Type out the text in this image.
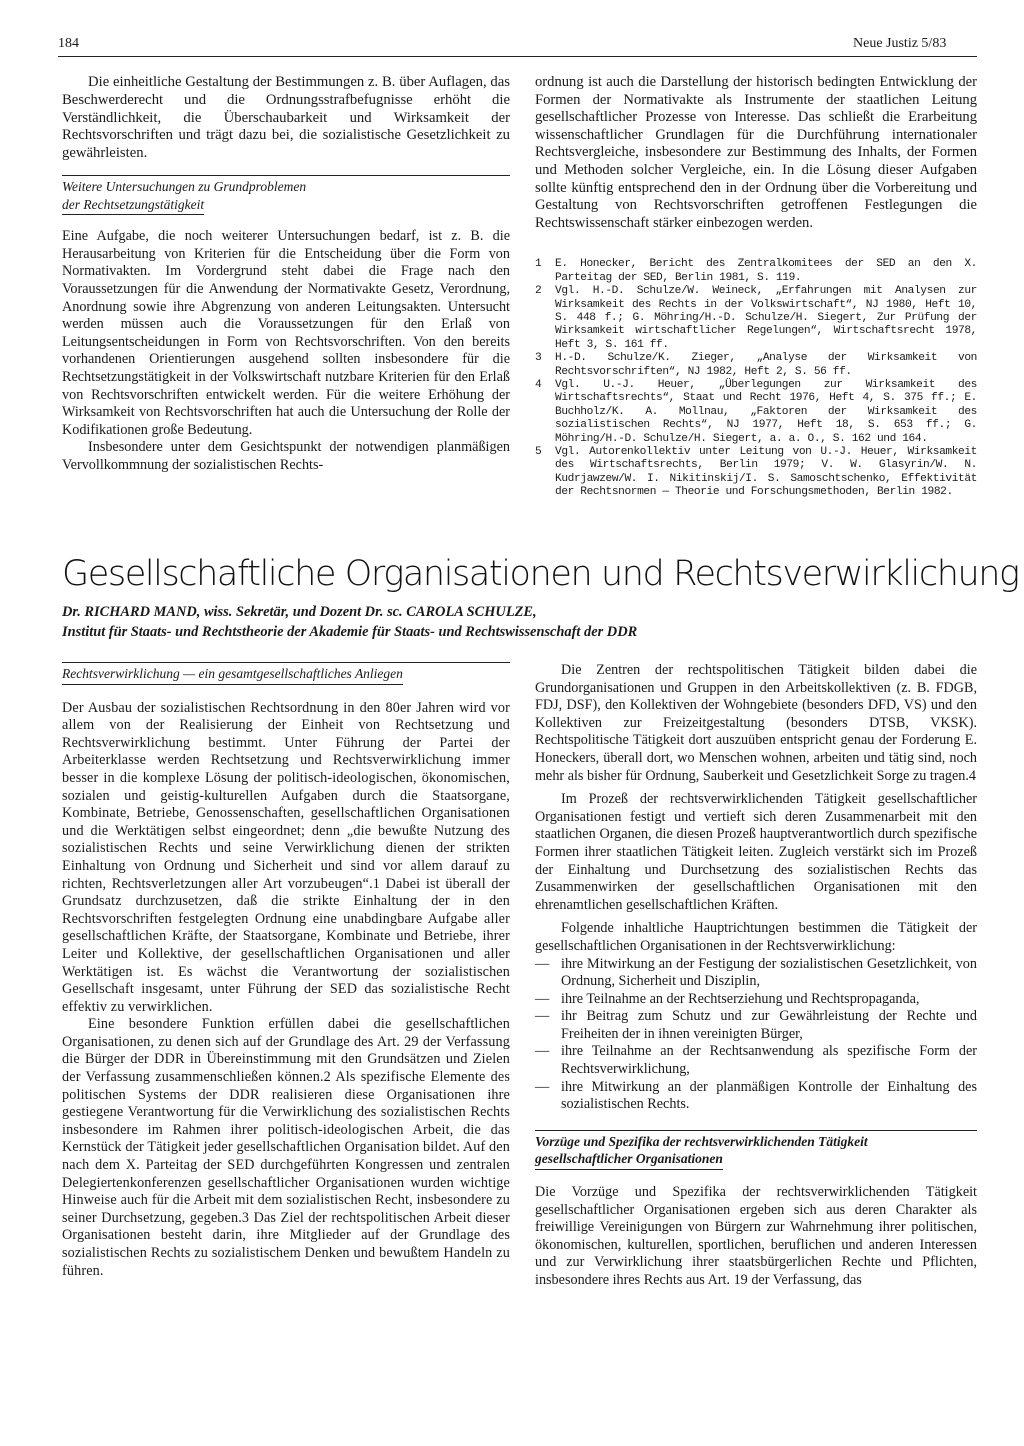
184	Neue Justiz 5/83

Die einheitliche Gestaltung der Bestimmungen z. B. über Auflagen, das Beschwerderecht und die Ordnungsstrafbefugnisse erhöht die Verständlichkeit, die Überschaubarkeit und Wirksamkeit der Rechtsvorschriften und trägt dazu bei, die sozialistische Gesetzlichkeit zu gewährleisten.

Weitere Untersuchungen zu Grundproblemen
der Rechtsetzungstätigkeit

Eine Aufgabe, die noch weiterer Untersuchungen bedarf, ist z. B. die Herausarbeitung von Kriterien für die Entscheidung über die Form von Normativakten. Im Vordergrund steht dabei die Frage nach den Voraussetzungen für die Anwendung der Normativakte Gesetz, Verordnung, Anordnung sowie ihre Abgrenzung von anderen Leitungsakten. Untersucht werden müssen auch die Voraussetzungen für den Erlaß von Leitungsentscheidungen in Form von Rechtsvorschriften. Von den bereits vorhandenen Orientierungen ausgehend sollten insbesondere für die Rechtsetzungstätigkeit in der Volkswirtschaft nutzbare Kriterien für den Erlaß von Rechtsvorschriften entwickelt werden. Für die weitere Erhöhung der Wirksamkeit von Rechtsvorschriften hat auch die Untersuchung der Rolle der Kodifikationen große Bedeutung.

Insbesondere unter dem Gesichtspunkt der notwendigen planmäßigen Vervollkommnung der sozialistischen Rechts-

ordnung ist auch die Darstellung der historisch bedingten Entwicklung der Formen der Normativakte als Instrumente der staatlichen Leitung gesellschaftlicher Prozesse von Interesse. Das schließt die Erarbeitung wissenschaftlicher Grundlagen für die Durchführung internationaler Rechtsvergleiche, insbesondere zur Bestimmung des Inhalts, der Formen und Methoden solcher Vergleiche, ein. In die Lösung dieser Aufgaben sollte künftig entsprechend den in der Ordnung über die Vorbereitung und Gestaltung von Rechtsvorschriften getroffenen Festlegungen die Rechtswissenschaft stärker einbezogen werden.

1	E. Honecker, Bericht des Zentralkomitees der SED an den X. Parteitag der SED, Berlin 1981, S. 119.
2	Vgl. H.-D. Schulze/W. Weineck, „Erfahrungen mit Analysen zur Wirksamkeit des Rechts in der Volkswirtschaft“, NJ 1980, Heft 10, S. 448 f.; G. Möhring/H.-D. Schulze/H. Siegert, Zur Prüfung der Wirksamkeit wirtschaftlicher Regelungen“, Wirtschaftsrecht 1978, Heft 3, S. 161 ff.
3	H.-D. Schulze/K. Zieger, „Analyse der Wirksamkeit von Rechtsvorschriften“, NJ 1982, Heft 2, S. 56 ff.
4	Vgl. U.-J. Heuer, „Überlegungen zur Wirksamkeit des Wirtschaftsrechts“, Staat und Recht 1976, Heft 4, S. 375 ff.; E. Buchholz/K. A. Mollnau, „Faktoren der Wirksamkeit des sozialistischen Rechts“, NJ 1977, Heft 18, S. 653 ff.; G. Möhring/H.-D. Schulze/H. Siegert, a. a. O., S. 162 und 164.
5	Vgl. Autorenkollektiv unter Leitung von U.-J. Heuer, Wirksamkeit des Wirtschaftsrechts, Berlin 1979; V. W. Glasyrin/W. N. Kudrjawzew/W. I. Nikitinskij/I. S. Samoschtschenko, Effektivität der Rechtsnormen — Theorie und Forschungsmethoden, Berlin 1982.
Gesellschaftliche Organisationen und Rechtsverwirklichung
Dr. RICHARD MAND, wiss. Sekretär, und Dozent Dr. sc. CAROLA SCHULZE,
Institut für Staats- und Rechtstheorie der Akademie für Staats- und Rechtswissenschaft der DDR
Rechtsverwirklichung — ein gesamtgesellschaftliches Anliegen

Der Ausbau der sozialistischen Rechtsordnung in den 80er Jahren wird vor allem von der Realisierung der Einheit von Rechtsetzung und Rechtsverwirklichung bestimmt. Unter Führung der Partei der Arbeiterklasse werden Rechtsetzung und Rechtsverwirklichung immer besser in die komplexe Lösung der politisch-ideologischen, ökonomischen, sozialen und geistig-kulturellen Aufgaben durch die Staatsorgane, Kombinate, Betriebe, Genossenschaften, gesellschaftlichen Organisationen und die Werktätigen selbst eingeordnet; denn „die bewußte Nutzung des sozialistischen Rechts und seine Verwirklichung dienen der strikten Einhaltung von Ordnung und Sicherheit und sind vor allem darauf zu richten, Rechtsverletzungen aller Art vorzubeugen“.1 Dabei ist überall der Grundsatz durchzusetzen, daß die strikte Einhaltung der in den Rechtsvorschriften festgelegten Ordnung eine unabdingbare Aufgabe aller gesellschaftlichen Kräfte, der Staatsorgane, Kombinate und Betriebe, ihrer Leiter und Kollektive, der gesellschaftlichen Organisationen und aller Werktätigen ist. Es wächst die Verantwortung der sozialistischen Gesellschaft insgesamt, unter Führung der SED das sozialistische Recht effektiv zu verwirklichen.

Eine besondere Funktion erfüllen dabei die gesellschaftlichen Organisationen, zu denen sich auf der Grundlage des Art. 29 der Verfassung die Bürger der DDR in Übereinstimmung mit den Grundsätzen und Zielen der Verfassung zusammenschließen können.2 Als spezifische Elemente des politischen Systems der DDR realisieren diese Organisationen ihre gestiegene Verantwortung für die Verwirklichung des sozialistischen Rechts insbesondere im Rahmen ihrer politisch-ideologischen Arbeit, die das Kernstück der Tätigkeit jeder gesellschaftlichen Organisation bildet. Auf den nach dem X. Parteitag der SED durchgeführten Kongressen und zentralen Delegiertenkonferenzen gesellschaftlicher Organisationen wurden wichtige Hinweise auch für die Arbeit mit dem sozialistischen Recht, insbesondere zu seiner Durchsetzung, gegeben.3 Das Ziel der rechtspolitischen Arbeit dieser Organisationen besteht darin, ihre Mitglieder auf der Grundlage des sozialistischen Rechts zu sozialistischem Denken und bewußtem Handeln zu führen.

Die Zentren der rechtspolitischen Tätigkeit bilden dabei die Grundorganisationen und Gruppen in den Arbeitskollektiven (z. B. FDGB, FDJ, DSF), den Kollektiven der Wohngebiete (besonders DFD, VS) und den Kollektiven zur Freizeitgestaltung (besonders DTSB, VKSK). Rechtspolitische Tätigkeit dort auszuüben entspricht genau der Forderung E. Honeckers, überall dort, wo Menschen wohnen, arbeiten und tätig sind, noch mehr als bisher für Ordnung, Sauberkeit und Gesetzlichkeit Sorge zu tragen.4

Im Prozeß der rechtsverwirklichenden Tätigkeit gesellschaftlicher Organisationen festigt und vertieft sich deren Zusammenarbeit mit den staatlichen Organen, die diesen Prozeß hauptverantwortlich durch spezifische Formen ihrer staatlichen Tätigkeit leiten. Zugleich verstärkt sich im Prozeß der Einhaltung und Durchsetzung des sozialistischen Rechts das Zusammenwirken der gesellschaftlichen Organisationen mit den ehrenamtlichen gesellschaftlichen Kräften.

Folgende inhaltliche Hauptrichtungen bestimmen die Tätigkeit der gesellschaftlichen Organisationen in der Rechtsverwirklichung:

— ihre Mitwirkung an der Festigung der sozialistischen Gesetzlichkeit, von Ordnung, Sicherheit und Disziplin,
— ihre Teilnahme an der Rechtserziehung und Rechtspropaganda,
— ihr Beitrag zum Schutz und zur Gewährleistung der Rechte und Freiheiten der in ihnen vereinigten Bürger,
— ihre Teilnahme an der Rechtsanwendung als spezifische Form der Rechtsverwirklichung,
— ihre Mitwirkung an der planmäßigen Kontrolle der Einhaltung des sozialistischen Rechts.
Vorzüge und Spezifika der rechtsverwirklichenden Tätigkeit
gesellschaftlicher Organisationen

Die Vorzüge und Spezifika der rechtsverwirklichenden Tätigkeit gesellschaftlicher Organisationen ergeben sich aus deren Charakter als freiwillige Vereinigungen von Bürgern zur Wahrnehmung ihrer politischen, ökonomischen, kulturellen, sportlichen, beruflichen und anderen Interessen und zur Verwirklichung ihrer staatsbürgerlichen Rechte und Pflichten, insbesondere ihres Rechts aus Art. 19 der Verfassung, das
